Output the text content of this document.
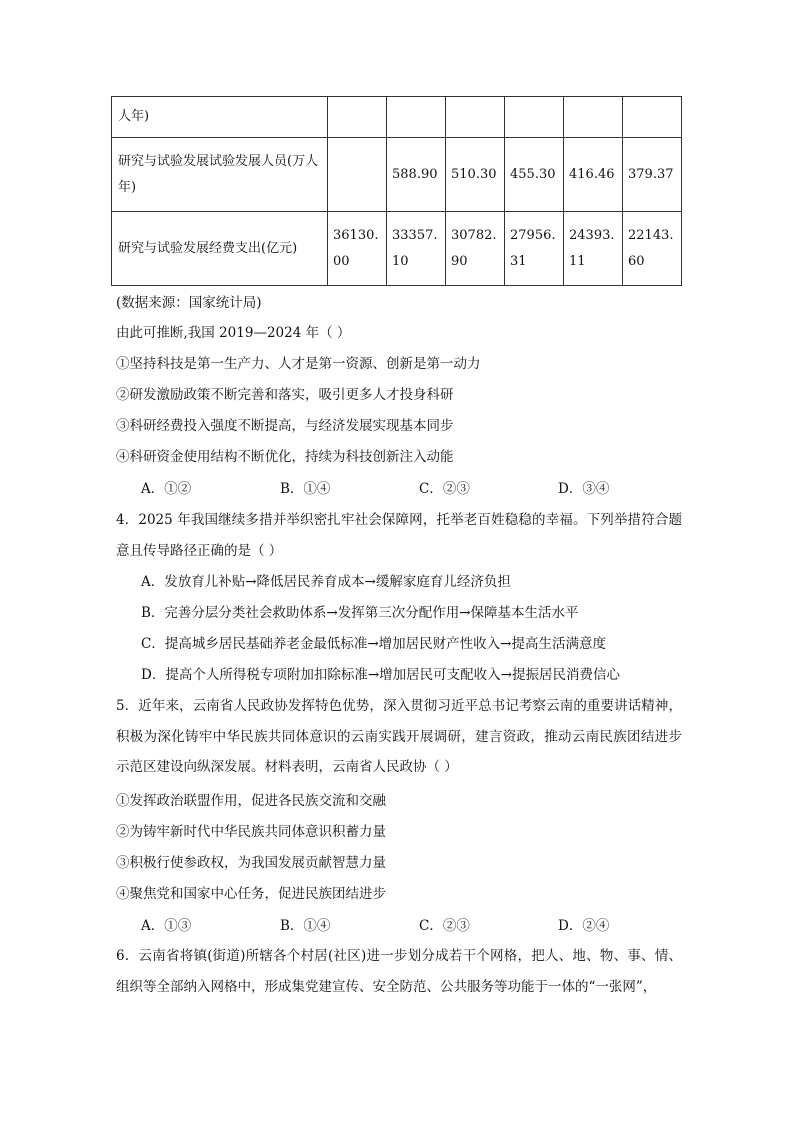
人年)						
研究与试验发展试验发展人员(万人年)		588.90	510.30	455.30	416.46	379.37
研究与试验发展经费支出(亿元)	36130.00	33357.10	30782.90	27956.31	24393.11	22143.60
(数据来源：国家统计局)
由此可推断,我国 2019—2024 年（ ）
①坚持科技是第一生产力、人才是第一资源、创新是第一动力
②研发激励政策不断完善和落实，吸引更多人才投身科研
③科研经费投入强度不断提高，与经济发展实现基本同步
④科研资金使用结构不断优化，持续为科技创新注入动能
A．①②	B．①④	C．②③	D．③④
4．2025 年我国继续多措并举织密扎牢社会保障网，托举老百姓稳稳的幸福。下列举措符合题意且传导路径正确的是（ ）
A．发放育儿补贴→降低居民养育成本→缓解家庭育儿经济负担
B．完善分层分类社会救助体系→发挥第三次分配作用→保障基本生活水平
C．提高城乡居民基础养老金最低标准→增加居民财产性收入→提高生活满意度
D．提高个人所得税专项附加扣除标准→增加居民可支配收入→提振居民消费信心
5．近年来，云南省人民政协发挥特色优势，深入贯彻习近平总书记考察云南的重要讲话精神，积极为深化铸牢中华民族共同体意识的云南实践开展调研，建言资政，推动云南民族团结进步示范区建设向纵深发展。材料表明，云南省人民政协（ ）
①发挥政治联盟作用，促进各民族交流和交融
②为铸牢新时代中华民族共同体意识积蓄力量
③积极行使参政权，为我国发展贡献智慧力量
④聚焦党和国家中心任务，促进民族团结进步
A．①③	B．①④	C．②③	D．②④
6．云南省将镇(街道)所辖各个村居(社区)进一步划分成若干个网格，把人、地、物、事、情、组织等全部纳入网格中，形成集党建宣传、安全防范、公共服务等功能于一体的“一张网”，
